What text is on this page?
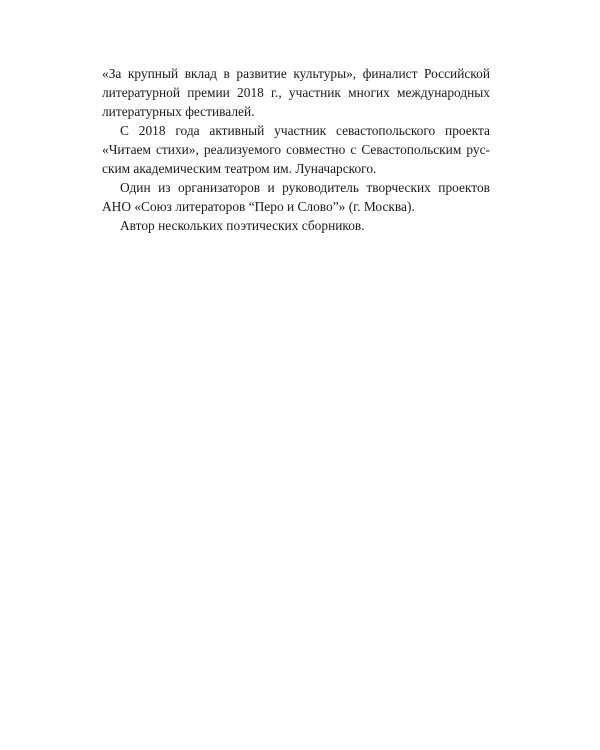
«За крупный вклад в развитие культуры», финалист Российской
литературной премии 2018 г., участник многих международных
литературных фестивалей.
С 2018 года активный участник севастопольского проекта
«Читаем стихи», реализуемого совместно с Севастопольским рус-
ским академическим театром им. Луначарского.
Один из организаторов и руководитель творческих проектов
АНО «Союз литераторов “Перо и Слово”» (г. Москва).
Автор нескольких поэтических сборников.
